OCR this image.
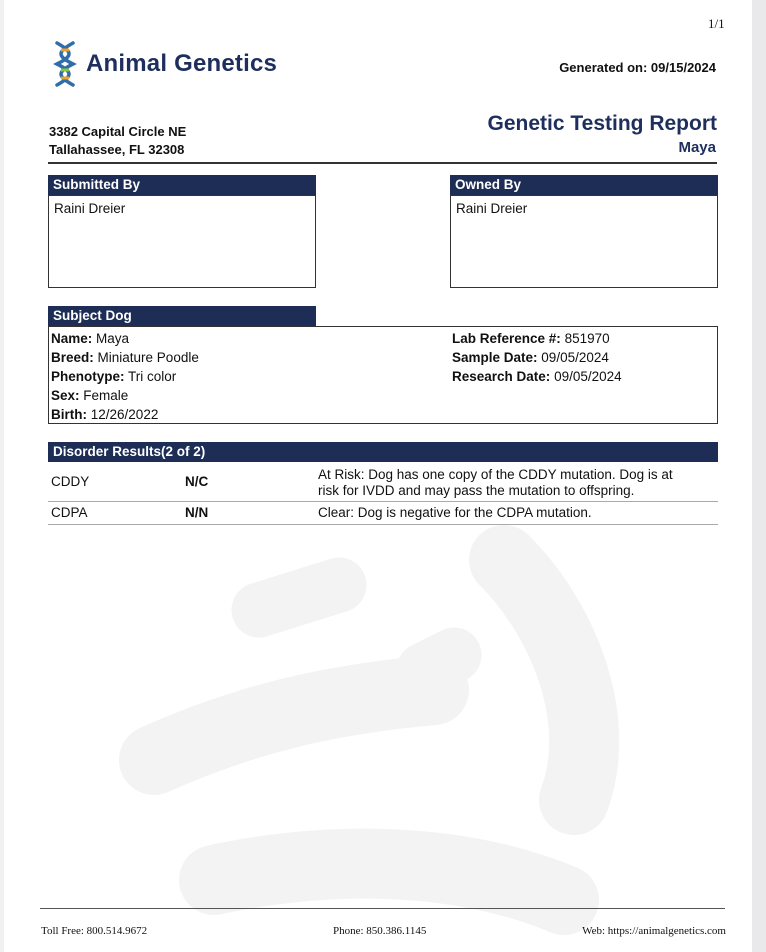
1/1
Animal Genetics	Generated on: 09/15/2024
3382 Capital Circle NE
Tallahassee, FL 32308
Genetic Testing Report
Maya
Submitted By
Raini Dreier
Owned By
Raini Dreier
Subject Dog
Name: Maya
Breed: Miniature Poodle
Phenotype: Tri color
Sex: Female
Birth: 12/26/2022
Lab Reference #: 851970
Sample Date: 09/05/2024
Research Date: 09/05/2024
Disorder Results(2 of 2)
CDDY	N/C	At Risk: Dog has one copy of the CDDY mutation. Dog is at
risk for IVDD and may pass the mutation to offspring.
CDPA	N/N	Clear: Dog is negative for the CDPA mutation.
Toll Free: 800.514.9672	Phone: 850.386.1145	Web: https://animalgenetics.com
